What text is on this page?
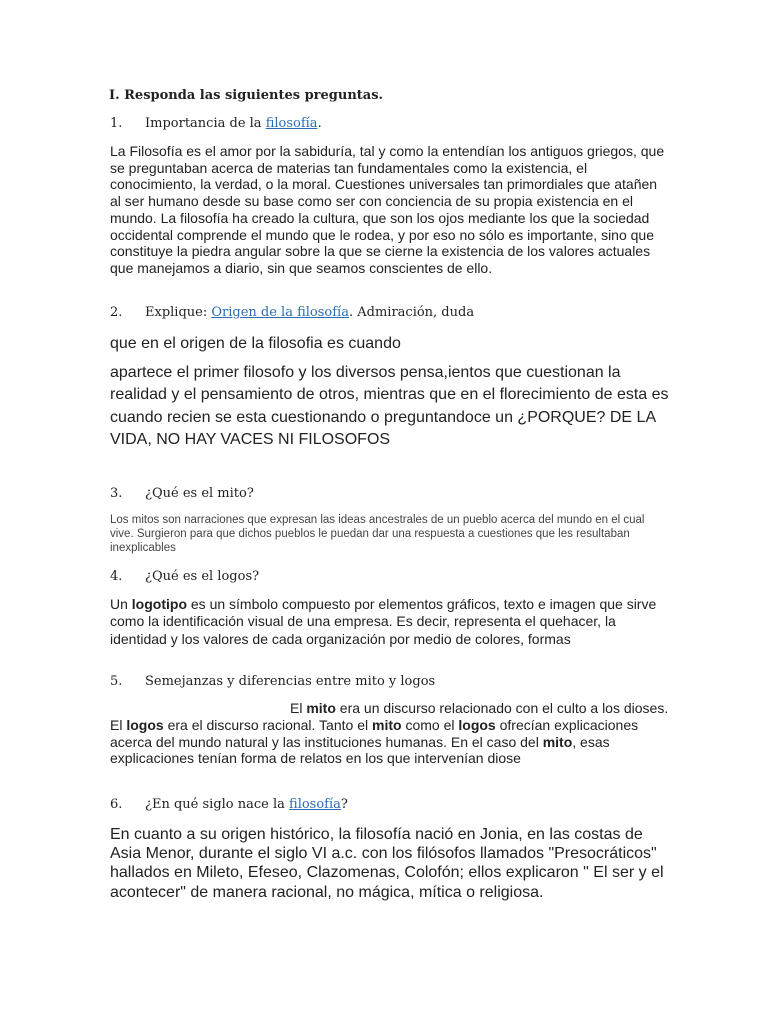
I. Responda las siguientes preguntas.
1. Importancia de la filosofía.
La Filosofía es el amor por la sabiduría, tal y como la entendían los antiguos griegos, que se preguntaban acerca de materias tan fundamentales como la existencia, el conocimiento, la verdad, o la moral. Cuestiones universales tan primordiales que atañen al ser humano desde su base como ser con conciencia de su propia existencia en el mundo. La filosofía ha creado la cultura, que son los ojos mediante los que la sociedad occidental comprende el mundo que le rodea, y por eso no sólo es importante, sino que constituye la piedra angular sobre la que se cierne la existencia de los valores actuales que manejamos a diario, sin que seamos conscientes de ello.
2. Explique: Origen de la filosofía. Admiración, duda
que en el origen de la filosofia es cuando
apartece el primer filosofo y los diversos pensa,ientos que cuestionan la realidad y el pensamiento de otros, mientras que en el florecimiento de esta es cuando recien se esta cuestionando o preguntandoce un ¿PORQUE? DE LA VIDA, NO HAY VACES NI FILOSOFOS
3. ¿Qué es el mito?
Los mitos son narraciones que expresan las ideas ancestrales de un pueblo acerca del mundo en el cual vive. Surgieron para que dichos pueblos le puedan dar una respuesta a cuestiones que les resultaban inexplicables
4. ¿Qué es el logos?
Un logotipo es un símbolo compuesto por elementos gráficos, texto e imagen que sirve como la identificación visual de una empresa. Es decir, representa el quehacer, la identidad y los valores de cada organización por medio de colores, formas
5. Semejanzas y diferencias entre mito y logos
El mito era un discurso relacionado con el culto a los dioses. El logos era el discurso racional. Tanto el mito como el logos ofrecían explicaciones acerca del mundo natural y las instituciones humanas. En el caso del mito, esas explicaciones tenían forma de relatos en los que intervenían diose
6. ¿En qué siglo nace la filosofía?
En cuanto a su origen histórico, la filosofía nació en Jonia, en las costas de Asia Menor, durante el siglo VI a.c. con los filósofos llamados "Presocráticos" hallados en Mileto, Efeseo, Clazomenas, Colofón; ellos explicaron " El ser y el acontecer" de manera racional, no mágica, mítica o religiosa.
